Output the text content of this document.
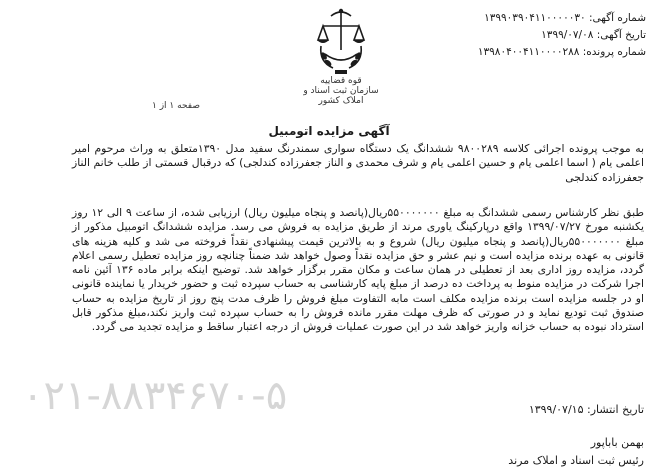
شماره آگهی: ۱۳۹۹۰۳۹۰۴۱۱۰۰۰۰۰۳۰
تاریخ آگهی: ۱۳۹۹/۰۷/۰۸
شماره پرونده: ۱۳۹۸۰۴۰۰۴۱۱۰۰۰۰۲۸۸
قوه قضاییه
سازمان ثبت اسناد و املاک کشور
صفحه ۱ از ۱
۰۲۱-۸۸۳۴۶۷۰-۵
آگهی مزایده اتومبیل
به موجب پرونده اجرائی کلاسه ۹۸۰۰۲۸۹ ششدانگ یک دستگاه سواری سمندرنگ سفید مدل ۱۳۹۰متعلق به وراث مرحوم امیر اعلمی یام ( اسما اعلمی یام و حسین اعلمی یام و شرف محمدی و الناز جعفرزاده کندلجی) که درقبال قسمتی از طلب خانم الناز جعفرزاده کندلجی
طبق نظر کارشناس رسمی ششدانگ به مبلغ ۵۵۰۰۰۰۰۰۰ریال(پانصد و پنجاه میلیون ریال) ارزیابی شده، از ساعت ۹ الی ۱۲ روز یکشنبه مورخ ۱۳۹۹/۰۷/۲۷ واقع درپارکینگ یاوری مرند از طریق مزایده به فروش می رسد. مزایده ششدانگ اتومبیل مذکور از مبلغ ۵۵۰۰۰۰۰۰۰ریال(پانصد و پنجاه میلیون ریال) شروع و به بالاترین قیمت پیشنهادی نقداً فروخته می شد و کلیه هزینه های قانونی به عهده برنده مزایده است و نیم عشر و حق مزایده نقداً وصول خواهد شد ضمناً چنانچه روز مزایده تعطیل رسمی اعلام گردد، مزایده روز اداری بعد از تعطیلی در همان ساعت و مکان مقرر برگزار خواهد شد. توضیح اینکه برابر ماده ۱۳۶ آئین نامه اجرا شرکت در مزایده منوط به پرداخت ده درصد از مبلغ پایه کارشناسی به حساب سپرده ثبت و حضور خریدار یا نماینده قانونی او در جلسه مزایده است برنده مزایده مکلف است مابه التفاوت مبلغ فروش را ظرف مدت پنج روز از تاریخ مزایده به حساب صندوق ثبت تودیع نماید و در صورتی که ظرف مهلت مقرر مانده فروش را به حساب سپرده ثبت واریز نکند،مبلغ مذکور قابل استرداد نبوده به حساب خزانه واریز خواهد شد در این صورت عملیات فروش از درجه اعتبار ساقط و مزایده تجدید می گردد.
تاریخ انتشار: ۱۳۹۹/۰۷/۱۵
بهمن باباپور
رئیس ثبت اسناد و املاک مرند
